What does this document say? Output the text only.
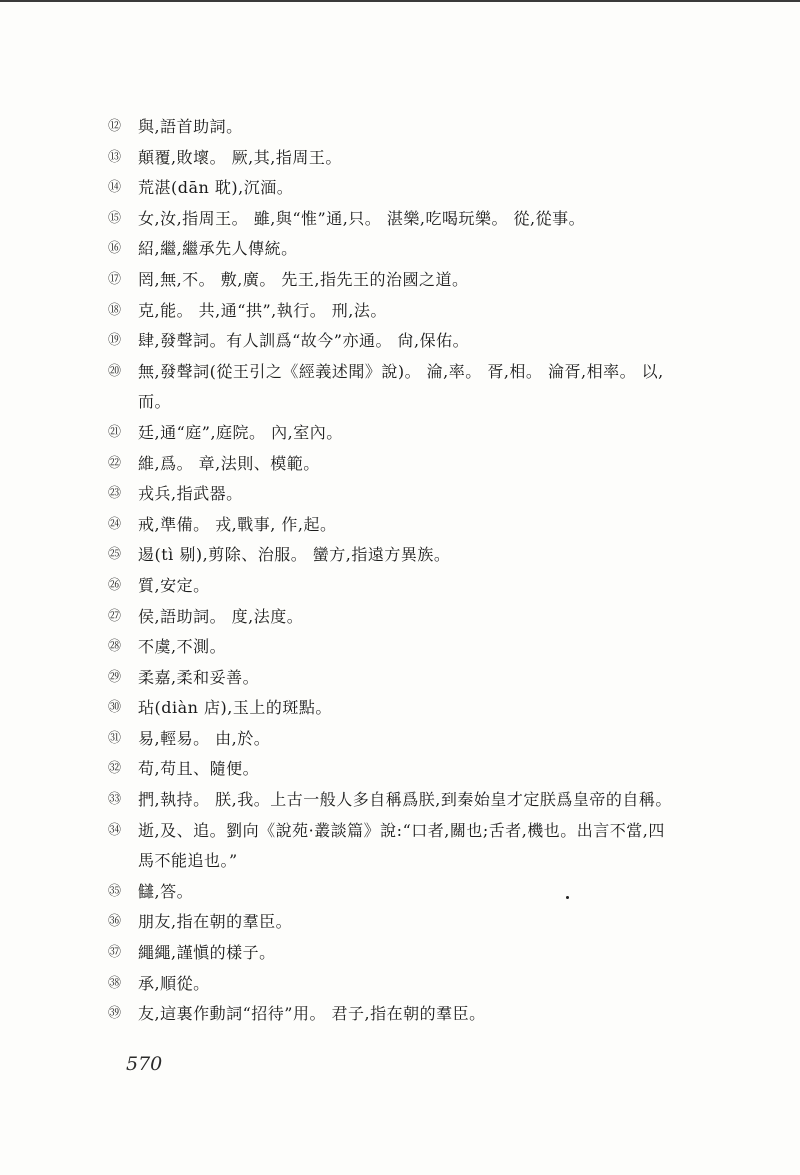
⑫	與,語首助詞。
⑬	顛覆,敗壞。 厥,其,指周王。
⑭	荒湛(dān 耽),沉湎。
⑮	女,汝,指周王。 雖,與“惟”通,只。 湛樂,吃喝玩樂。 從,從事。
⑯	紹,繼,繼承先人傳統。
⑰	罔,無,不。 敷,廣。 先王,指先王的治國之道。
⑱	克,能。 共,通“拱”,執行。 刑,法。
⑲	肆,發聲詞。有人訓爲“故今”亦通。 尙,保佑。
⑳	無,發聲詞(從王引之《經義述聞》說)。 淪,率。 胥,相。 淪胥,相率。 以,而。
㉑	廷,通“庭”,庭院。 內,室內。
㉒	維,爲。 章,法則、模範。
㉓	戎兵,指武器。
㉔	戒,準備。 戎,戰事, 作,起。
㉕	逷(tì 剔),剪除、治服。 蠻方,指遠方異族。
㉖	質,安定。
㉗	侯,語助詞。 度,法度。
㉘	不虞,不測。
㉙	柔嘉,柔和妥善。
㉚	玷(diàn 店),玉上的斑點。
㉛	易,輕易。 由,於。
㉜	苟,苟且、隨便。
㉝	捫,執持。 朕,我。上古一般人多自稱爲朕,到秦始皇才定朕爲皇帝的自稱。
㉞	逝,及、追。劉向《說苑·叢談篇》說:“口者,關也;舌者,機也。出言不當,四馬不能追也。”
㉟	讎,答。
㊱	朋友,指在朝的羣臣。
㊲	繩繩,謹愼的樣子。
㊳	承,順從。
㊴	友,這裏作動詞“招待”用。 君子,指在朝的羣臣。
570
